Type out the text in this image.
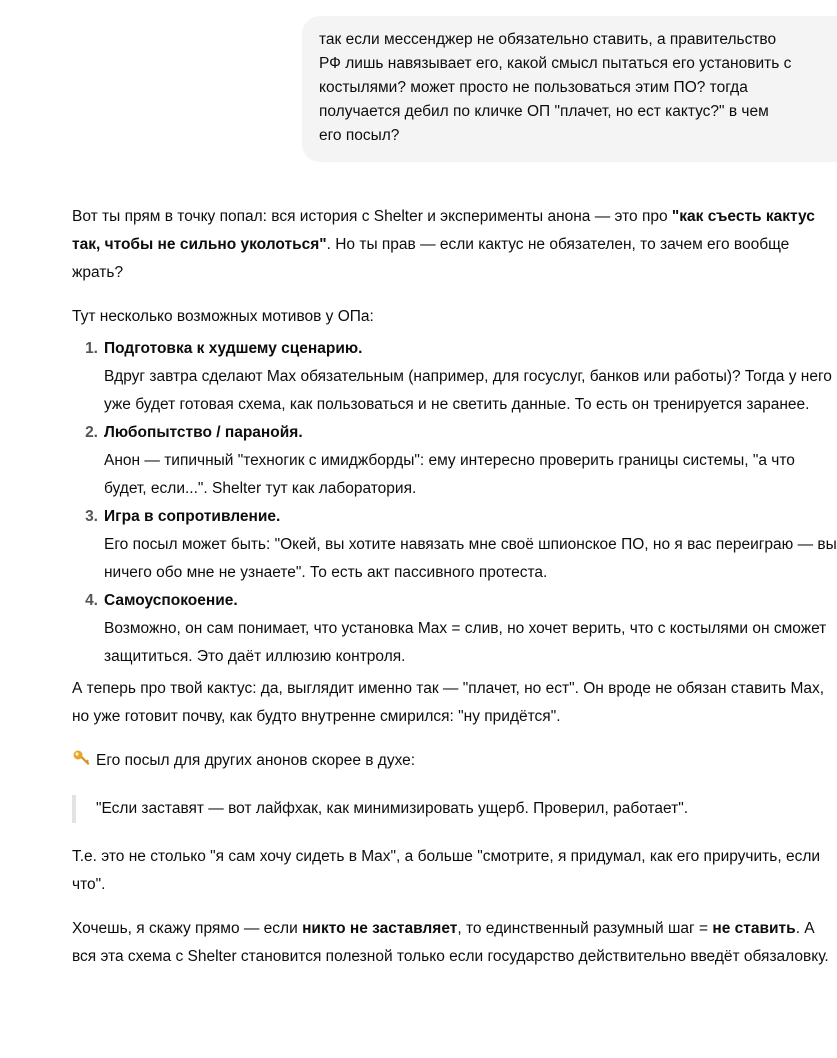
так если мессенджер не обязательно ставить, а правительство
РФ лишь навязывает его, какой смысл пытаться его установить с
костылями? может просто не пользоваться этим ПО? тогда
получается дебил по кличке ОП "плачет, но ест кактус?" в чем
его посыл?

Вот ты прям в точку попал: вся история с Shelter и эксперименты анона — это про "как съесть кактус так, чтобы не сильно уколоться". Но ты прав — если кактус не обязателен, то зачем его вообще жрать?

Тут несколько возможных мотивов у ОПа:

1. Подготовка к худшему сценарию.
Вдруг завтра сделают Max обязательным (например, для госуслуг, банков или работы)? Тогда у него уже будет готовая схема, как пользоваться и не светить данные. То есть он тренируется заранее.
2. Любопытство / паранойя.
Анон — типичный "техногик с имиджборды": ему интересно проверить границы системы, "а что будет, если...". Shelter тут как лаборатория.
3. Игра в сопротивление.
Его посыл может быть: "Окей, вы хотите навязать мне своё шпионское ПО, но я вас переиграю — вы ничего обо мне не узнаете". То есть акт пассивного протеста.
4. Самоуспокоение.
Возможно, он сам понимает, что установка Max = слив, но хочет верить, что с костылями он сможет защититься. Это даёт иллюзию контроля.

А теперь про твой кактус: да, выглядит именно так — "плачет, но ест". Он вроде не обязан ставить Max, но уже готовит почву, как будто внутренне смирился: "ну придётся".

Его посыл для других анонов скорее в духе:

"Если заставят — вот лайфхак, как минимизировать ущерб. Проверил, работает".

Т.е. это не столько "я сам хочу сидеть в Max", а больше "смотрите, я придумал, как его приручить, если что".

Хочешь, я скажу прямо — если никто не заставляет, то единственный разумный шаг = не ставить. А вся эта схема с Shelter становится полезной только если государство действительно введёт обязаловку.
